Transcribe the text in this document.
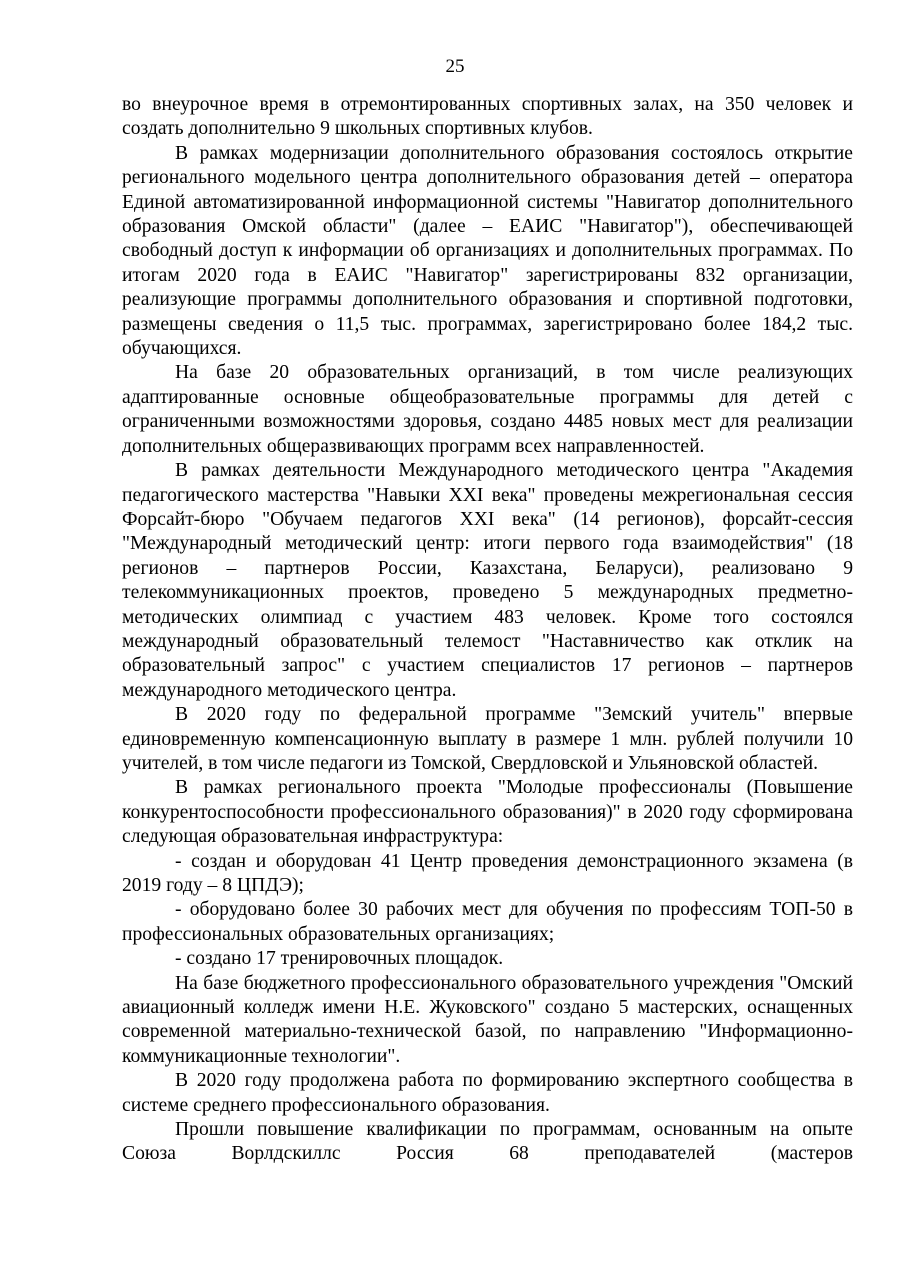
25

во внеурочное время в отремонтированных спортивных залах, на 350 человек и создать дополнительно 9 школьных спортивных клубов.

В рамках модернизации дополнительного образования состоялось открытие регионального модельного центра дополнительного образования детей – оператора Единой автоматизированной информационной системы "Навигатор дополнительного образования Омской области" (далее – ЕАИС "Навигатор"), обеспечивающей свободный доступ к информации об организациях и дополнительных программах. По итогам 2020 года в ЕАИС "Навигатор" зарегистрированы 832 организации, реализующие программы дополнительного образования и спортивной подготовки, размещены сведения о 11,5 тыс. программах, зарегистрировано более 184,2 тыс. обучающихся.

На базе 20 образовательных организаций, в том числе реализующих адаптированные основные общеобразовательные программы для детей с ограниченными возможностями здоровья, создано 4485 новых мест для реализации дополнительных общеразвивающих программ всех направленностей.

В рамках деятельности Международного методического центра "Академия педагогического мастерства "Навыки XXI века" проведены межрегиональная сессия Форсайт-бюро "Обучаем педагогов XXI века" (14 регионов), форсайт-сессия "Международный методический центр: итоги первого года взаимодействия" (18 регионов – партнеров России, Казахстана, Беларуси), реализовано 9 телекоммуникационных проектов, проведено 5 международных предметно-методических олимпиад с участием 483 человек. Кроме того состоялся международный образовательный телемост "Наставничество как отклик на образовательный запрос" с участием специалистов 17 регионов – партнеров международного методического центра.

В 2020 году по федеральной программе "Земский учитель" впервые единовременную компенсационную выплату в размере 1 млн. рублей получили 10 учителей, в том числе педагоги из Томской, Свердловской и Ульяновской областей.

В рамках регионального проекта "Молодые профессионалы (Повышение конкурентоспособности профессионального образования)" в 2020 году сформирована следующая образовательная инфраструктура:

- создан и оборудован 41 Центр проведения демонстрационного экзамена (в 2019 году – 8 ЦПДЭ);

- оборудовано более 30 рабочих мест для обучения по профессиям ТОП-50 в профессиональных образовательных организациях;

- создано 17 тренировочных площадок.

На базе бюджетного профессионального образовательного учреждения "Омский авиационный колледж имени Н.Е. Жуковского" создано 5 мастерских, оснащенных современной материально-технической базой, по направлению "Информационно-коммуникационные технологии".

В 2020 году продолжена работа по формированию экспертного сообщества в системе среднего профессионального образования.

Прошли повышение квалификации по программам, основанным на опыте Союза Ворлдскиллс Россия 68 преподавателей (мастеров
